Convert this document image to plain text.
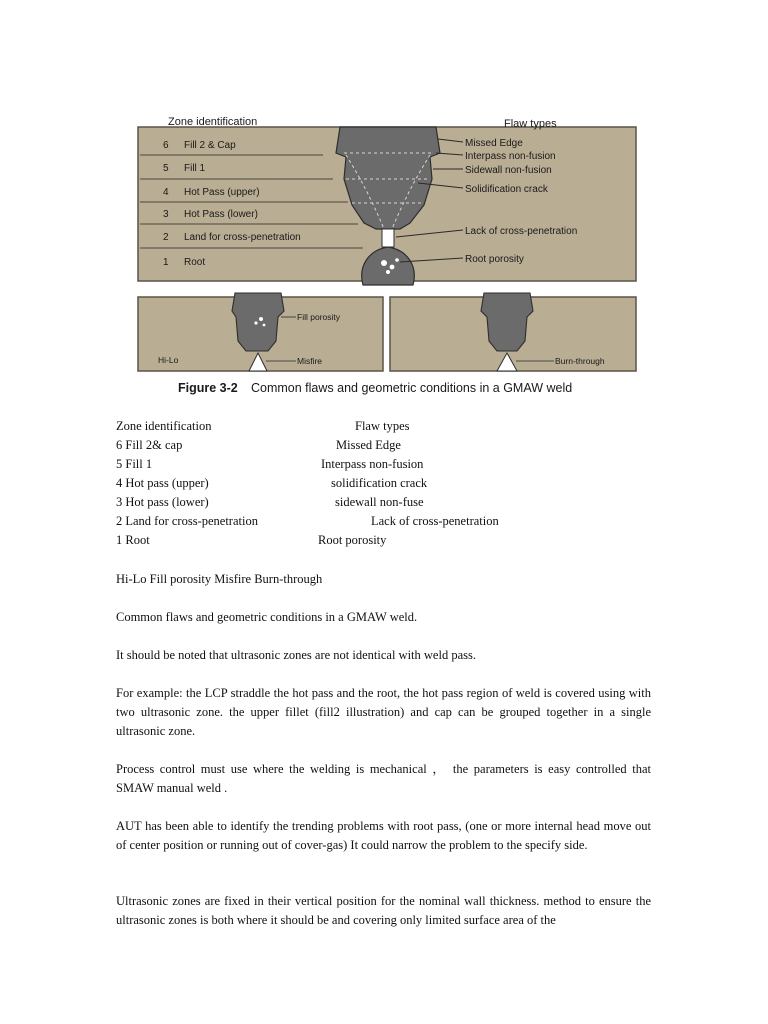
Zone identification	Flaw types
6 Fill 2 & Cap
5 Fill 1
4 Hot Pass (upper)
3 Hot Pass (lower)
2 Land for cross-penetration
1 Root
Missed Edge
Interpass non-fusion
Sidewall non-fusion
Solidification crack
Lack of cross-penetration
Root porosity
Hi-Lo
Fill porosity
Misfire	Burn-through
Figure 3-2 Common flaws and geometric conditions in a GMAW weld
Zone identification	Flaw types
6 Fill 2& cap	Missed Edge
5 Fill 1	Interpass non-fusion
4 Hot pass (upper)	solidification crack
3 Hot pass (lower)	sidewall non-fuse
2 Land for cross-penetration	Lack of cross-penetration
1 Root	Root porosity

Hi-Lo Fill porosity Misfire Burn-through

Common flaws and geometric conditions in a GMAW weld.

It should be noted that ultrasonic zones are not identical with weld pass.

For example: the LCP straddle the hot pass and the root, the hot pass region of weld is covered using with two ultrasonic zone. the upper fillet (fill2 illustration) and cap can be grouped together in a single ultrasonic zone.

Process control must use where the welding is mechanical ， the parameters is easy controlled that SMAW manual weld .

AUT has been able to identify the trending problems with root pass, (one or more internal head move out of center position or running out of cover-gas) It could narrow the problem to the specify side.

Ultrasonic zones are fixed in their vertical position for the nominal wall thickness. method to ensure the ultrasonic zones is both where it should be and covering only limited surface area of the
